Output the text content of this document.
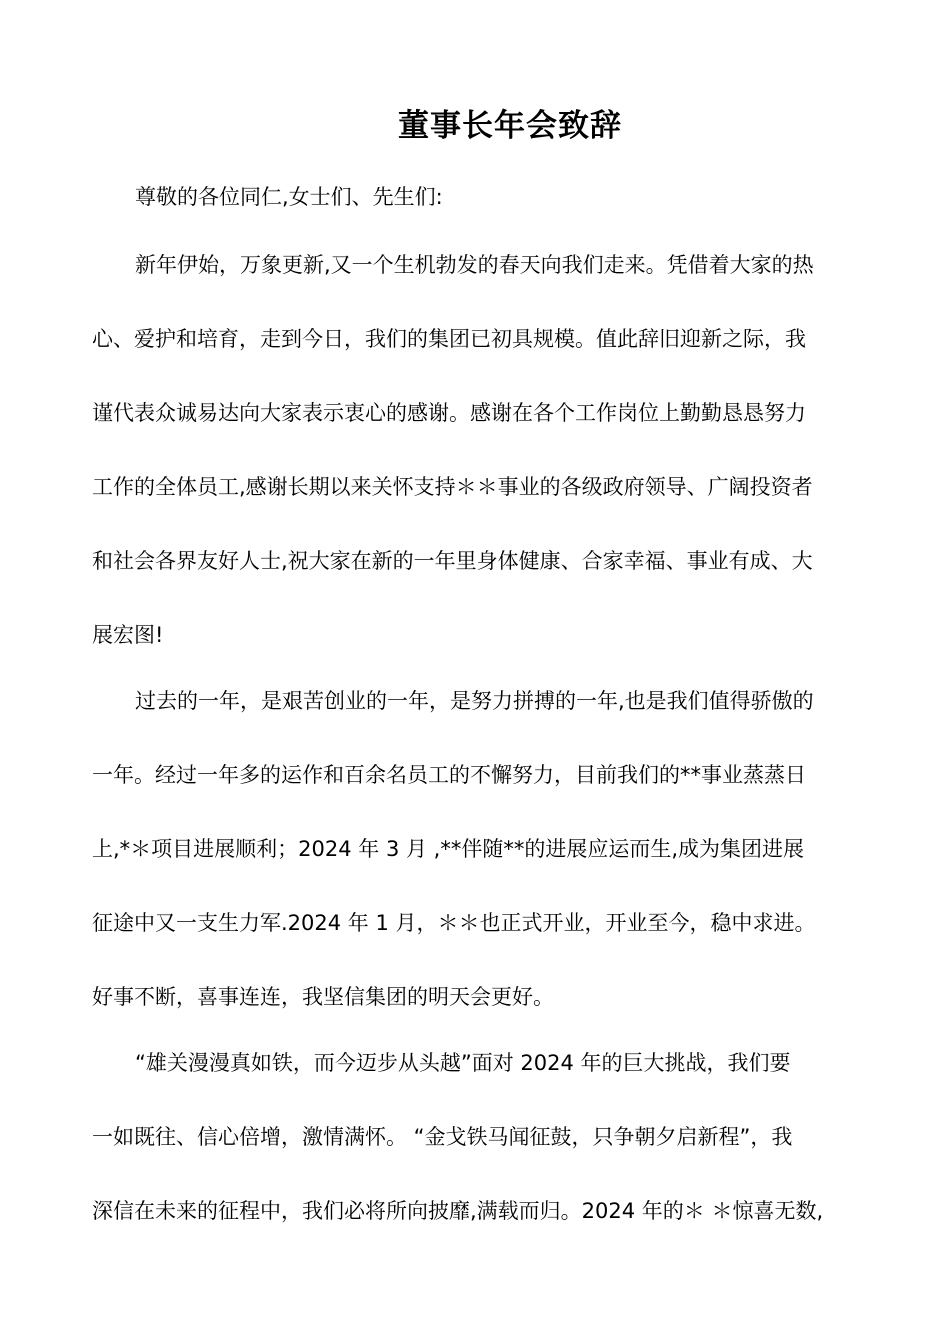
董事长年会致辞
尊敬的各位同仁,女士们、先生们:
新年伊始，万象更新,又一个生机勃发的春天向我们走来。凭借着大家的热
心、爱护和培育，走到今日，我们的集团已初具规模。值此辞旧迎新之际，我
谨代表众诚易达向大家表示衷心的感谢。感谢在各个工作岗位上勤勤恳恳努力
工作的全体员工,感谢长期以来关怀支持＊＊事业的各级政府领导、广阔投资者
和社会各界友好人士,祝大家在新的一年里身体健康、合家幸福、事业有成、大
展宏图!
过去的一年，是艰苦创业的一年，是努力拼搏的一年,也是我们值得骄傲的
一年。经过一年多的运作和百余名员工的不懈努力，目前我们的**事业蒸蒸日
上,*＊项目进展顺利；2024 年 3 月 ,**伴随**的进展应运而生,成为集团进展
征途中又一支生力军.2024 年 1 月，＊＊也正式开业，开业至今，稳中求进。
好事不断，喜事连连，我坚信集团的明天会更好。
“雄关漫漫真如铁，而今迈步从头越”面对 2024 年的巨大挑战，我们要
一如既往、信心倍增，激情满怀。 “金戈铁马闻征鼓，只争朝夕启新程”，我
深信在未来的征程中，我们必将所向披靡,满载而归。2024 年的＊ ＊惊喜无数,
